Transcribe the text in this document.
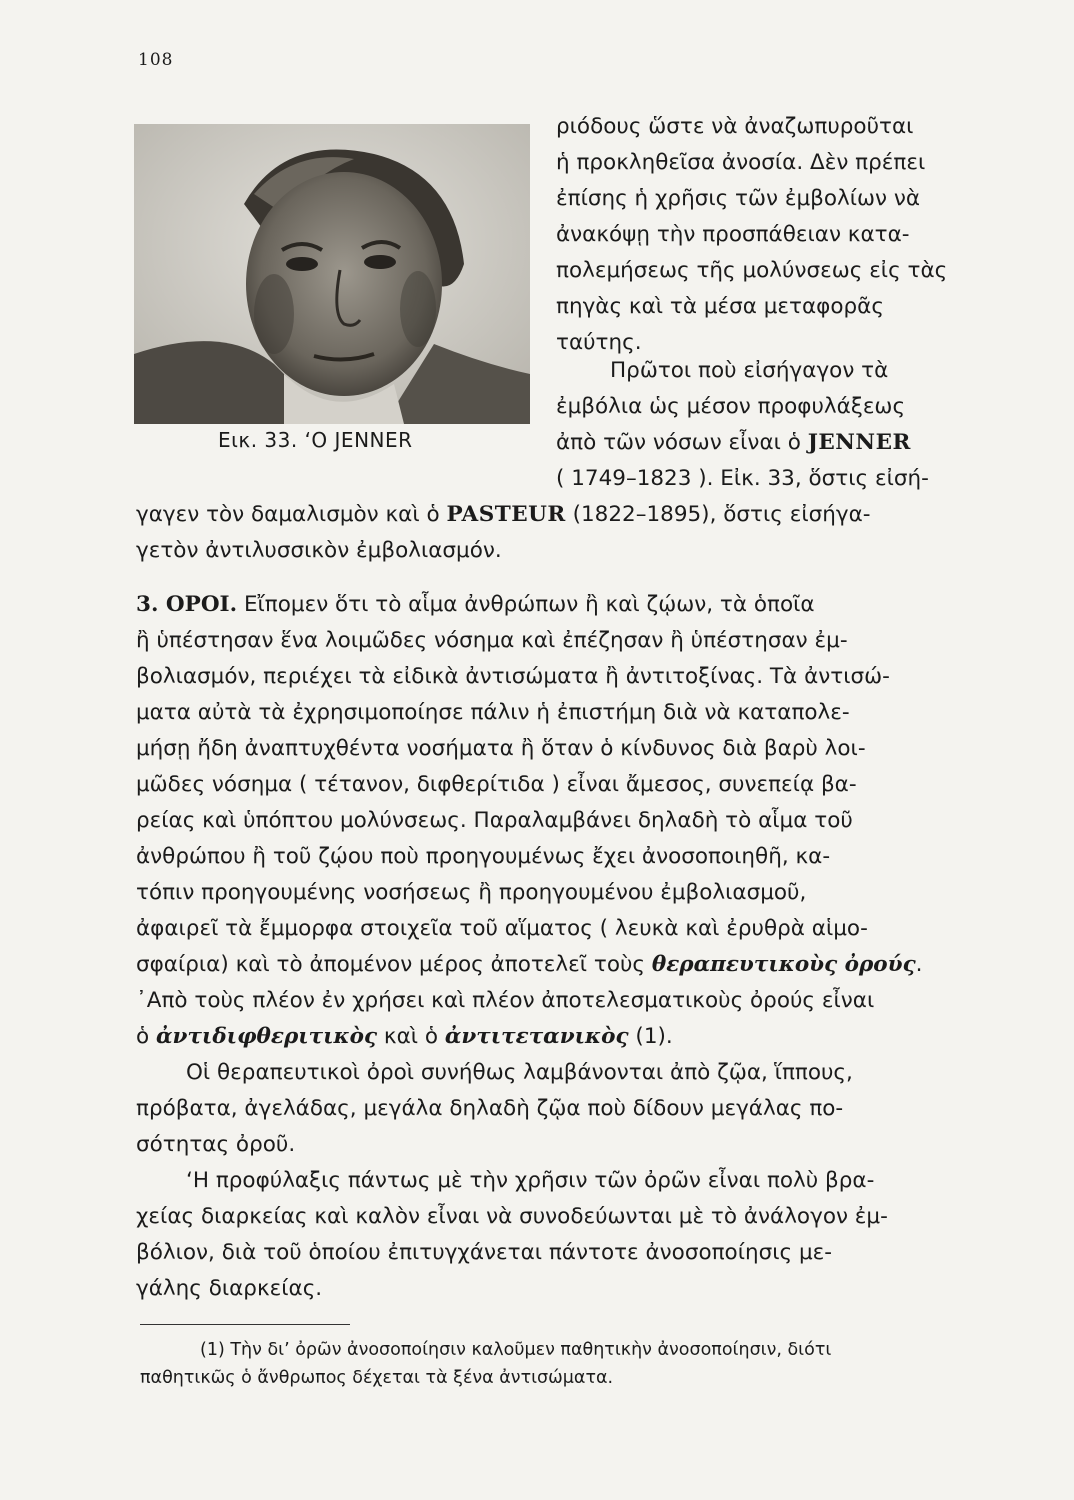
108
Εικ. 33. ‘Ο JENNER
ριόδους ὥστε νὰ ἀναζωπυροῦται
ἡ προκληθεῖσα ἀνοσία. Δὲν πρέπει
ἐπίσης ἡ χρῆσις τῶν ἐμβολίων νὰ
ἀνακόψῃ τὴν προσπάθειαν κατα-
πολεμήσεως τῆς μολύνσεως εἰς τὰς
πηγὰς καὶ τὰ μέσα μεταφορᾶς
ταύτης.
Πρῶτοι ποὺ εἰσήγαγον τὰ
ἐμβόλια ὡς μέσον προφυλάξεως
ἀπὸ τῶν νόσων εἶναι ὁ JENNER
( 1749–1823 ). Εἰκ. 33, ὅστις εἰσή-
γαγεν τὸν δαμαλισμὸν καὶ ὁ PASTEUR (1822–1895), ὅστις εἰσήγα-
γετὸν ἀντιλυσσικὸν ἐμβολιασμόν.
3. ΟΡΟΙ. Εἴπομεν ὅτι τὸ αἷμα ἀνθρώπων ἢ καὶ ζῴων, τὰ ὁποῖα
ἢ ὑπέστησαν ἕνα λοιμῶδες νόσημα καὶ ἐπέζησαν ἢ ὑπέστησαν ἐμ-
βολιασμόν, περιέχει τὰ εἰδικὰ ἀντισώματα ἢ ἀντιτοξίνας. Τὰ ἀντισώ-
ματα αὐτὰ τὰ ἐχρησιμοποίησε πάλιν ἡ ἐπιστήμη διὰ νὰ καταπολε-
μήσῃ ἤδη ἀναπτυχθέντα νοσήματα ἢ ὅταν ὁ κίνδυνος διὰ βαρὺ λοι-
μῶδες νόσημα ( τέτανον, διφθερίτιδα ) εἶναι ἄμεσος, συνεπείᾳ βα-
ρείας καὶ ὑπόπτου μολύνσεως. Παραλαμβάνει δηλαδὴ τὸ αἷμα τοῦ
ἀνθρώπου ἢ τοῦ ζῴου ποὺ προηγουμένως ἔχει ἀνοσοποιηθῆ, κα-
τόπιν προηγουμένης νοσήσεως ἢ προηγουμένου ἐμβολιασμοῦ,
ἀφαιρεῖ τὰ ἔμμορφα στοιχεῖα τοῦ αἵματος ( λευκὰ καὶ ἐρυθρὰ αἱμο-
σφαίρια) καὶ τὸ ἀπομένον μέρος ἀποτελεῖ τοὺς θεραπευτικοὺς ὀρούς.
᾿Απὸ τοὺς πλέον ἐν χρήσει καὶ πλέον ἀποτελεσματικοὺς ὀρούς εἶναι
ὁ ἀντιδιφθεριτικὸς καὶ ὁ ἀντιτετανικὸς (1).
Οἱ θεραπευτικοὶ ὀροὶ συνήθως λαμβάνονται ἀπὸ ζῷα, ἵππους,
πρόβατα, ἀγελάδας, μεγάλα δηλαδὴ ζῷα ποὺ δίδουν μεγάλας πο-
σότητας ὀροῦ.
‘Η προφύλαξις πάντως μὲ τὴν χρῆσιν τῶν ὀρῶν εἶναι πολὺ βρα-
χείας διαρκείας καὶ καλὸν εἶναι νὰ συνοδεύωνται μὲ τὸ ἀνάλογον ἐμ-
βόλιον, διὰ τοῦ ὁποίου ἐπιτυγχάνεται πάντοτε ἀνοσοποίησις με-
γάλης διαρκείας.
(1) Τὴν δι’ ὀρῶν ἀνοσοποίησιν καλοῦμεν παθητικὴν ἀνοσοποίησιν, διότι
παθητικῶς ὁ ἄνθρωπος δέχεται τὰ ξένα ἀντισώματα.
